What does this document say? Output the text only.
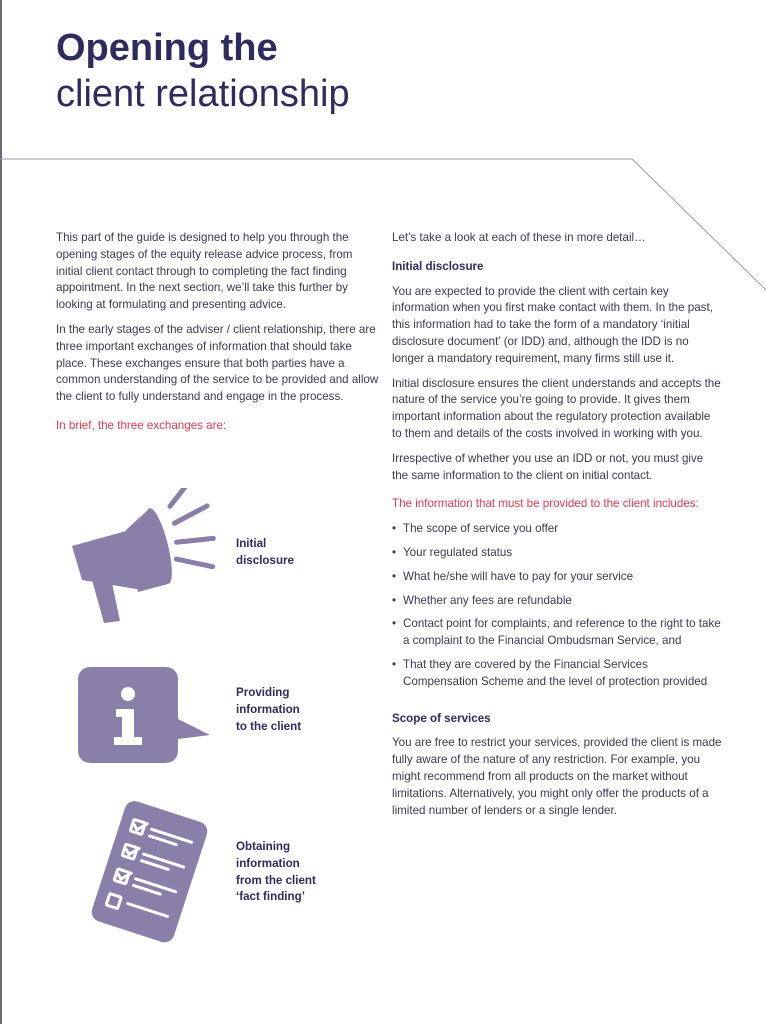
Opening the
client relationship

This part of the guide is designed to help you through the opening stages of the equity release advice process, from initial client contact through to completing the fact finding appointment. In the next section, we’ll take this further by looking at formulating and presenting advice.

In the early stages of the adviser / client relationship, there are three important exchanges of information that should take place. These exchanges ensure that both parties have a common understanding of the service to be provided and allow the client to fully understand and engage in the process.

In brief, the three exchanges are:

Initial
disclosure
Providing
information
to the client
Obtaining
information
from the client
‘fact finding’

Let’s take a look at each of these in more detail…

Initial disclosure

You are expected to provide the client with certain key information when you first make contact with them. In the past, this information had to take the form of a mandatory ‘initial disclosure document’ (or IDD) and, although the IDD is no longer a mandatory requirement, many firms still use it.

Initial disclosure ensures the client understands and accepts the nature of the service you’re going to provide. It gives them important information about the regulatory protection available to them and details of the costs involved in working with you.

Irrespective of whether you use an IDD or not, you must give the same information to the client on initial contact.

The information that must be provided to the client includes:

• The scope of service you offer
• Your regulated status
• What he/she will have to pay for your service
• Whether any fees are refundable
• Contact point for complaints, and reference to the right to take a complaint to the Financial Ombudsman Service, and
• That they are covered by the Financial Services Compensation Scheme and the level of protection provided

Scope of services

You are free to restrict your services, provided the client is made fully aware of the nature of any restriction. For example, you might recommend from all products on the market without limitations. Alternatively, you might only offer the products of a limited number of lenders or a single lender.
